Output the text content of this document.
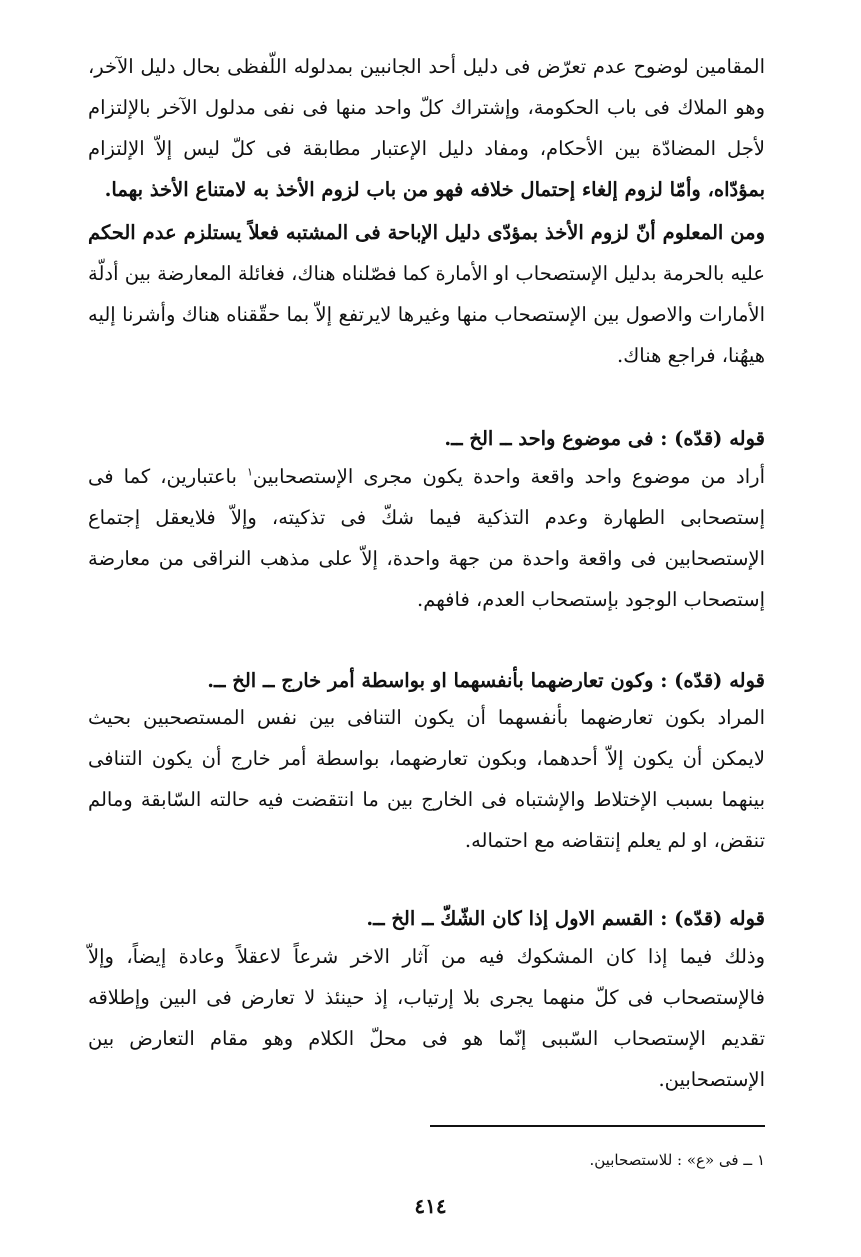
المقامين لوضوح عدم تعرّض فى دليل أحد الجانبين بمدلوله اللّفظى بحال دليل الآخر، وهو الملاك فى باب الحكومة، وإشتراك كلّ واحد منها فى نفى مدلول الآخر بالإلتزام لأجل المضادّة بين الأحكام، ومفاد دليل الإعتبار مطابقة فى كلّ ليس إلاّ الإلتزام بمؤدّاه، وأمّا لزوم إلغاء إحتمال خلافه فهو من باب لزوم الأخذ به لامتناع الأخذ بهما.

ومن المعلوم أنّ لزوم الأخذ بمؤدّى دليل الإباحة فى المشتبه فعلاً يستلزم عدم الحكم عليه بالحرمة بدليل الإستصحاب او الأمارة كما فصّلناه هناك، فغائلة المعارضة بين أدلّة الأمارات والاصول بين الإستصحاب منها وغيرها لايرتفع إلاّ بما حقّقناه هناك وأشرنا إليه هيهُنا، فراجع هناك.

قوله (قدّه) : فى موضوع واحد ــ الخ ــ.

أراد من موضوع واحد واقعة واحدة يكون مجرى الإستصحابين$^١$ باعتبارين، كما فى إستصحابى الطهارة وعدم التذكية فيما شكّ فى تذكيته، وإلاّ فلايعقل إجتماع الإستصحابين فى واقعة واحدة من جهة واحدة، إلاّ على مذهب النراقى من معارضة إستصحاب الوجود بإستصحاب العدم، فافهم.

قوله (قدّه) : وكون تعارضهما بأنفسهما او بواسطة أمر خارج ــ الخ ــ.

المراد بكون تعارضهما بأنفسهما أن يكون التنافى بين نفس المستصحبين بحيث لايمكن أن يكون إلاّ أحدهما، وبكون تعارضهما، بواسطة أمر خارج أن يكون التنافى بينهما بسبب الإختلاط والإشتباه فى الخارج بين ما انتقضت فيه حالته السّابقة ومالم تنقض، او لم يعلم إنتقاضه مع احتماله.

قوله (قدّه) : القسم الاول إذا كان الشّكّ ــ الخ ــ.

وذلك فيما إذا كان المشكوك فيه من آثار الاخر شرعاً لاعقلاً وعادة إيضاً، وإلاّ فالإستصحاب فى كلّ منهما يجرى بلا إرتياب، إذ حينئذ لا تعارض فى البين وإطلاقه تقديم الإستصحاب السّببى إنّما هو فى محلّ الكلام وهو مقام التعارض بين الإستصحابين.

١ ــ فى «ع» : للاستصحابين.

٤١٤
